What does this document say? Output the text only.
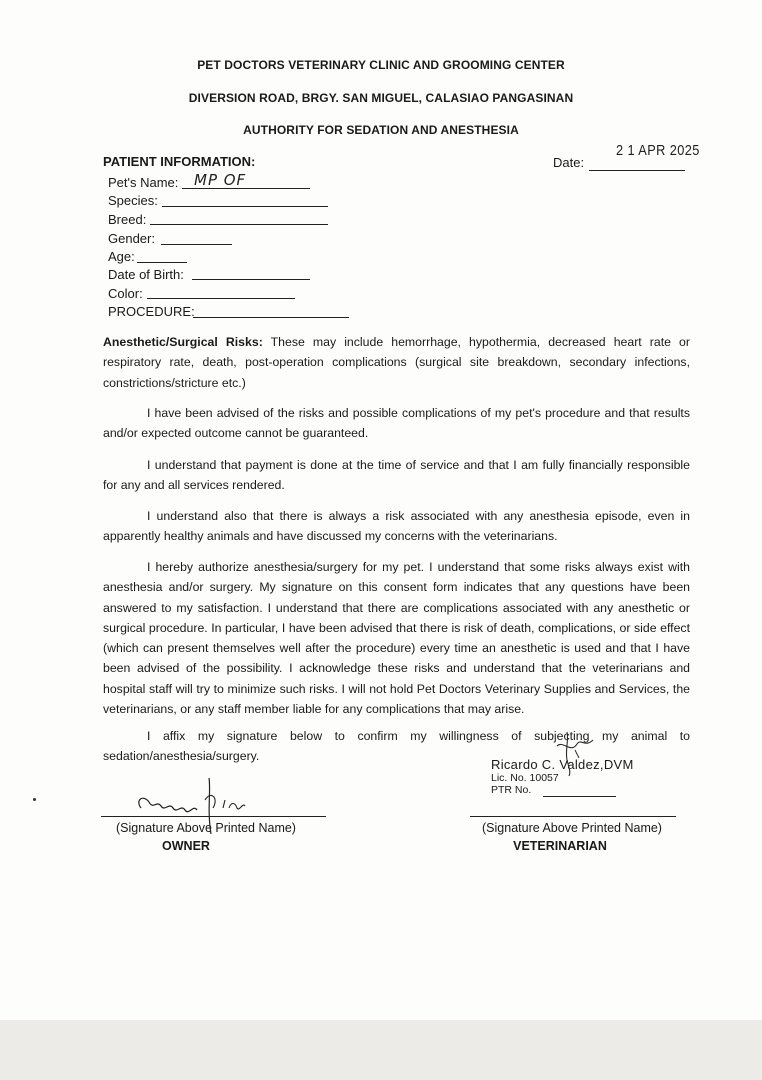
PET DOCTORS VETERINARY CLINIC AND GROOMING CENTER
DIVERSION ROAD, BRGY. SAN MIGUEL, CALASIAO PANGASINAN
AUTHORITY FOR SEDATION AND ANESTHESIA
PATIENT INFORMATION:	Date:
2 1 APR 2025
Pet's Name: MP OF
Species:
Breed:
Gender:
Age:
Date of Birth:
Color:
PROCEDURE:

Anesthetic/Surgical Risks: These may include hemorrhage, hypothermia, decreased heart rate or respiratory rate, death, post-operation complications (surgical site breakdown, secondary infections, constrictions/stricture etc.)

I have been advised of the risks and possible complications of my pet's procedure and that results and/or expected outcome cannot be guaranteed.

I understand that payment is done at the time of service and that I am fully financially responsible for any and all services rendered.

I understand also that there is always a risk associated with any anesthesia episode, even in apparently healthy animals and have discussed my concerns with the veterinarians.

I hereby authorize anesthesia/surgery for my pet. I understand that some risks always exist with anesthesia and/or surgery. My signature on this consent form indicates that any questions have been answered to my satisfaction. I understand that there are complications associated with any anesthetic or surgical procedure. In particular, I have been advised that there is risk of death, complications, or side effect (which can present themselves well after the procedure) every time an anesthetic is used and that I have been advised of the possibility. I acknowledge these risks and understand that the veterinarians and hospital staff will try to minimize such risks. I will not hold Pet Doctors Veterinary Supplies and Services, the veterinarians, or any staff member liable for any complications that may arise.

I affix my signature below to confirm my willingness of subjecting my animal to sedation/anesthesia/surgery.

Ricardo C. Valdez,DVM
Lic. No. 10057
PTR No.
(Signature Above Printed Name)
OWNER
(Signature Above Printed Name)
VETERINARIAN
